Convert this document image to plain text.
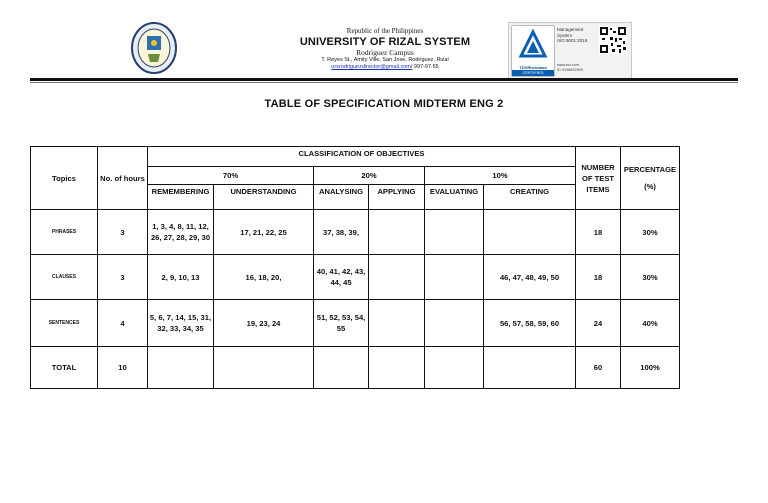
Republic of the Philippines
UNIVERSITY OF RIZAL SYSTEM
Rodriguez Campus
T. Reyes St., Amity Ville, San Jose, Rodriguez, Rizal
ursrodriguezdirector@gmail.com/ 997-97.65	TÜVRheinland
CERTIFIED
Management
System
ISO 9001:2015
www.tuv.com
ID 9108652909
TABLE OF SPECIFICATION MIDTERM ENG 2
Topics	No. of hours	CLASSIFICATION OF OBJECTIVES						NUMBER OF TEST ITEMS	PERCENTAGE
(%)

		70%		20%		10%			
		REMEMBERING	UNDERSTANDING	ANALYSING	APPLYING	EVALUATING	CREATING		
PHRASES	3	1, 3, 4, 8, 11, 12, 26, 27, 28, 29, 30	17, 21, 22, 25	37, 38, 39,				18	30%
CLAUSES	3	2, 9, 10, 13	16, 18, 20,	40, 41, 42, 43, 44, 45			46, 47, 48, 49, 50	18	30%
SENTENCES	4	5, 6, 7, 14, 15, 31, 32, 33, 34, 35	19, 23, 24	51, 52, 53, 54, 55			56, 57, 58, 59, 60	24	40%
TOTAL	10							60	100%
